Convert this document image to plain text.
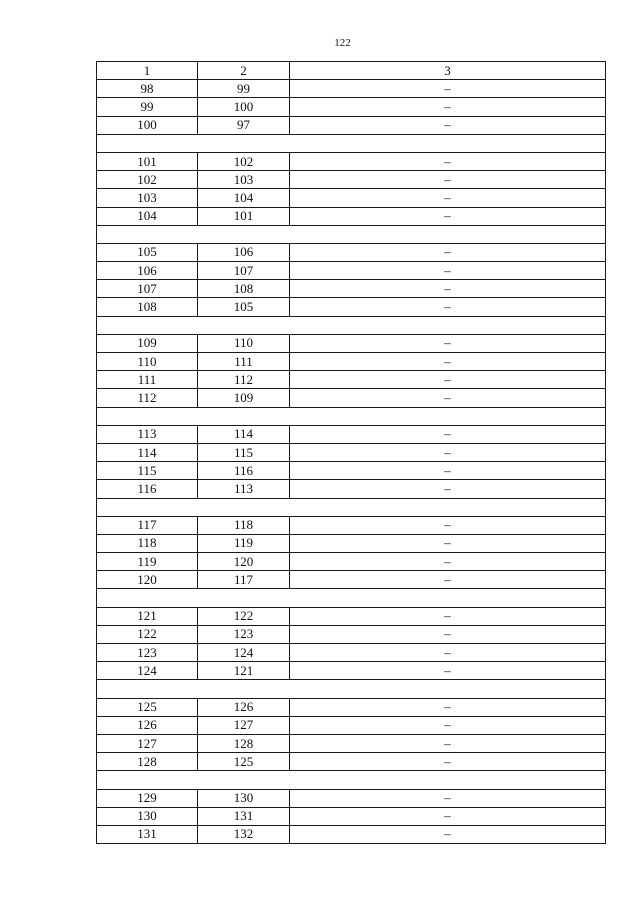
122
1	2	3
98	99	–
99	100	–
100	97	–

101	102	–
102	103	–
103	104	–
104	101	–

105	106	–
106	107	–
107	108	–
108	105	–

109	110	–
110	111	–
111	112	–
112	109	–

113	114	–
114	115	–
115	116	–
116	113	–

117	118	–
118	119	–
119	120	–
120	117	–

121	122	–
122	123	–
123	124	–
124	121	–

125	126	–
126	127	–
127	128	–
128	125	–

129	130	–
130	131	–
131	132	–
